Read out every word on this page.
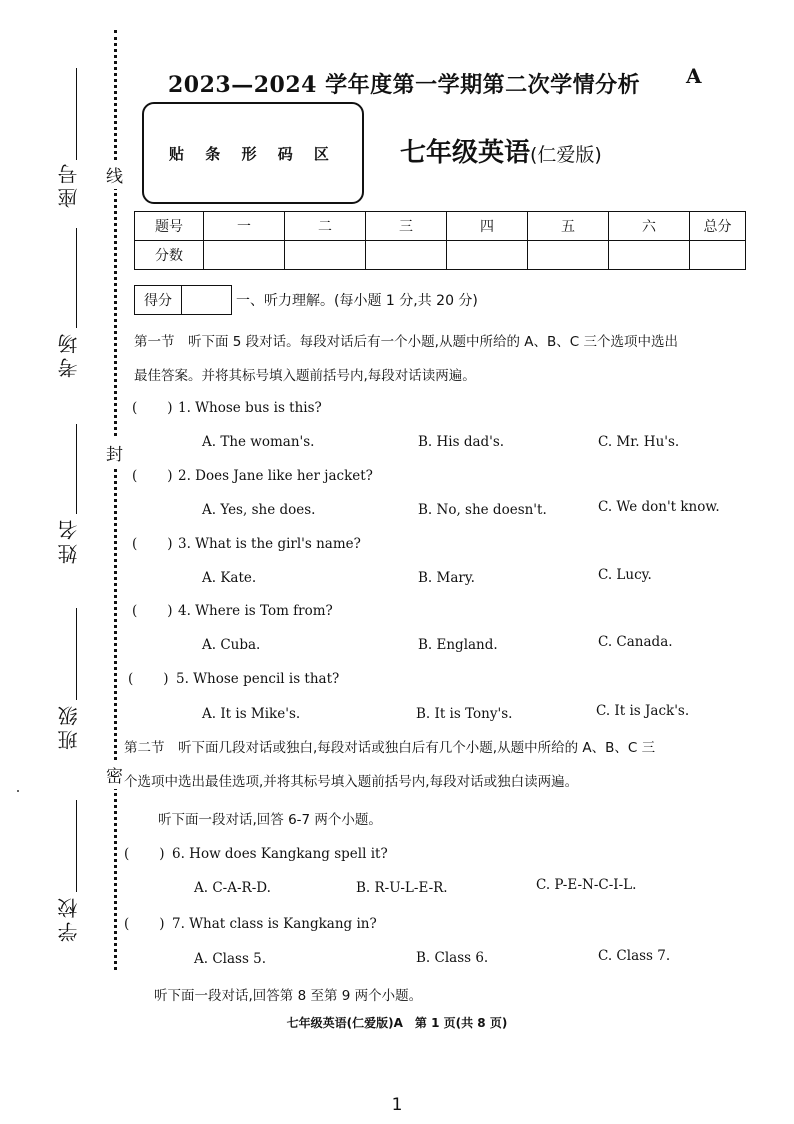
座号
考场
姓名
班级
学校
线
封
密
2023—2024 学年度第一学期第二次学情分析 A
贴 条 形 码 区 七年级英语(仁爱版)
题号	一	二	三	四	五	六	总分
分数							
得分	一、听力理解。(每小题 1 分,共 20 分)
第一节　听下面 5 段对话。每段对话后有一个小题,从题中所给的 A、B、C 三个选项中选出
最佳答案。并将其标号填入题前括号内,每段对话读两遍。
( ) 1. Whose bus is this?
A. The woman's.	B. His dad's.	C. Mr. Hu's.
( ) 2. Does Jane like her jacket?
A. Yes, she does.	B. No, she doesn't.	C. We don't know.
( ) 3. What is the girl's name?
A. Kate.	B. Mary.	C. Lucy.
( ) 4. Where is Tom from?
A. Cuba.	B. England.	C. Canada.
( ) 5. Whose pencil is that?
A. It is Mike's.	B. It is Tony's.	C. It is Jack's.
第二节　听下面几段对话或独白,每段对话或独白后有几个小题,从题中所给的 A、B、C 三
个选项中选出最佳选项,并将其标号填入题前括号内,每段对话或独白读两遍。
听下面一段对话,回答 6-7 两个小题。
( ) 6. How does Kangkang spell it?
A. C-A-R-D.	B. R-U-L-E-R.	C. P-E-N-C-I-L.
( ) 7. What class is Kangkang in?
A. Class 5.	B. Class 6.	C. Class 7.
听下面一段对话,回答第 8 至第 9 两个小题。
七年级英语(仁爱版)A　第 1 页(共 8 页)
1
